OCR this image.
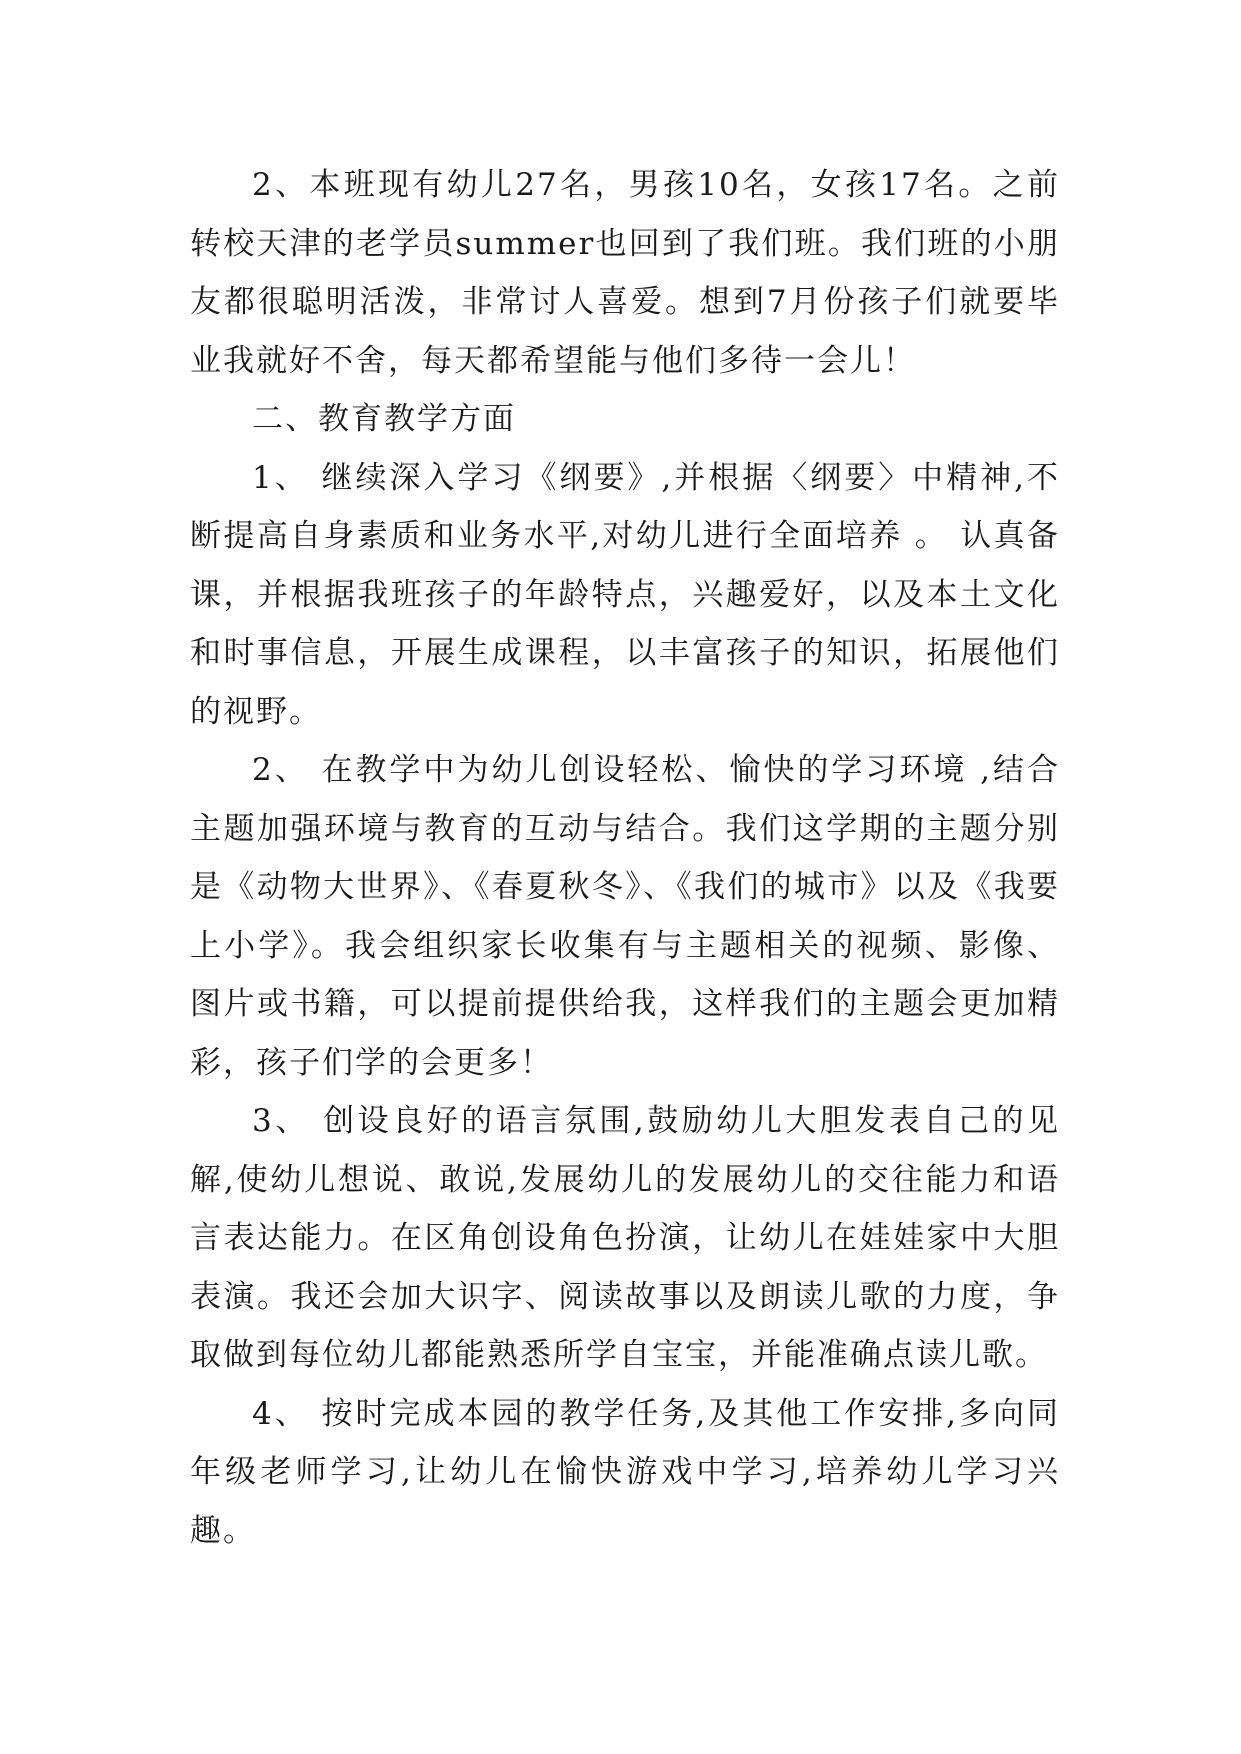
2、本班现有幼儿27名，男孩10名，女孩17名。之前转校天津的老学员summer也回到了我们班。我们班的小朋友都很聪明活泼，非常讨人喜爱。想到7月份孩子们就要毕业我就好不舍，每天都希望能与他们多待一会儿！

二、教育教学方面

1、 继续深入学习《纲要》,并根据〈纲要〉中精神,不断提高自身素质和业务水平,对幼儿进行全面培养 。 认真备课，并根据我班孩子的年龄特点，兴趣爱好，以及本土文化和时事信息，开展生成课程，以丰富孩子的知识，拓展他们的视野。

2、 在教学中为幼儿创设轻松、愉快的学习环境 ,结合主题加强环境与教育的互动与结合。我们这学期的主题分别是《动物大世界》、《春夏秋冬》、《我们的城市》以及《我要上小学》。我会组织家长收集有与主题相关的视频、影像、图片或书籍，可以提前提供给我，这样我们的主题会更加精彩，孩子们学的会更多！

3、 创设良好的语言氛围,鼓励幼儿大胆发表自己的见解,使幼儿想说、敢说,发展幼儿的发展幼儿的交往能力和语言表达能力。在区角创设角色扮演，让幼儿在娃娃家中大胆表演。我还会加大识字、阅读故事以及朗读儿歌的力度，争取做到每位幼儿都能熟悉所学自宝宝，并能准确点读儿歌。

4、 按时完成本园的教学任务,及其他工作安排,多向同年级老师学习,让幼儿在愉快游戏中学习,培养幼儿学习兴趣。
